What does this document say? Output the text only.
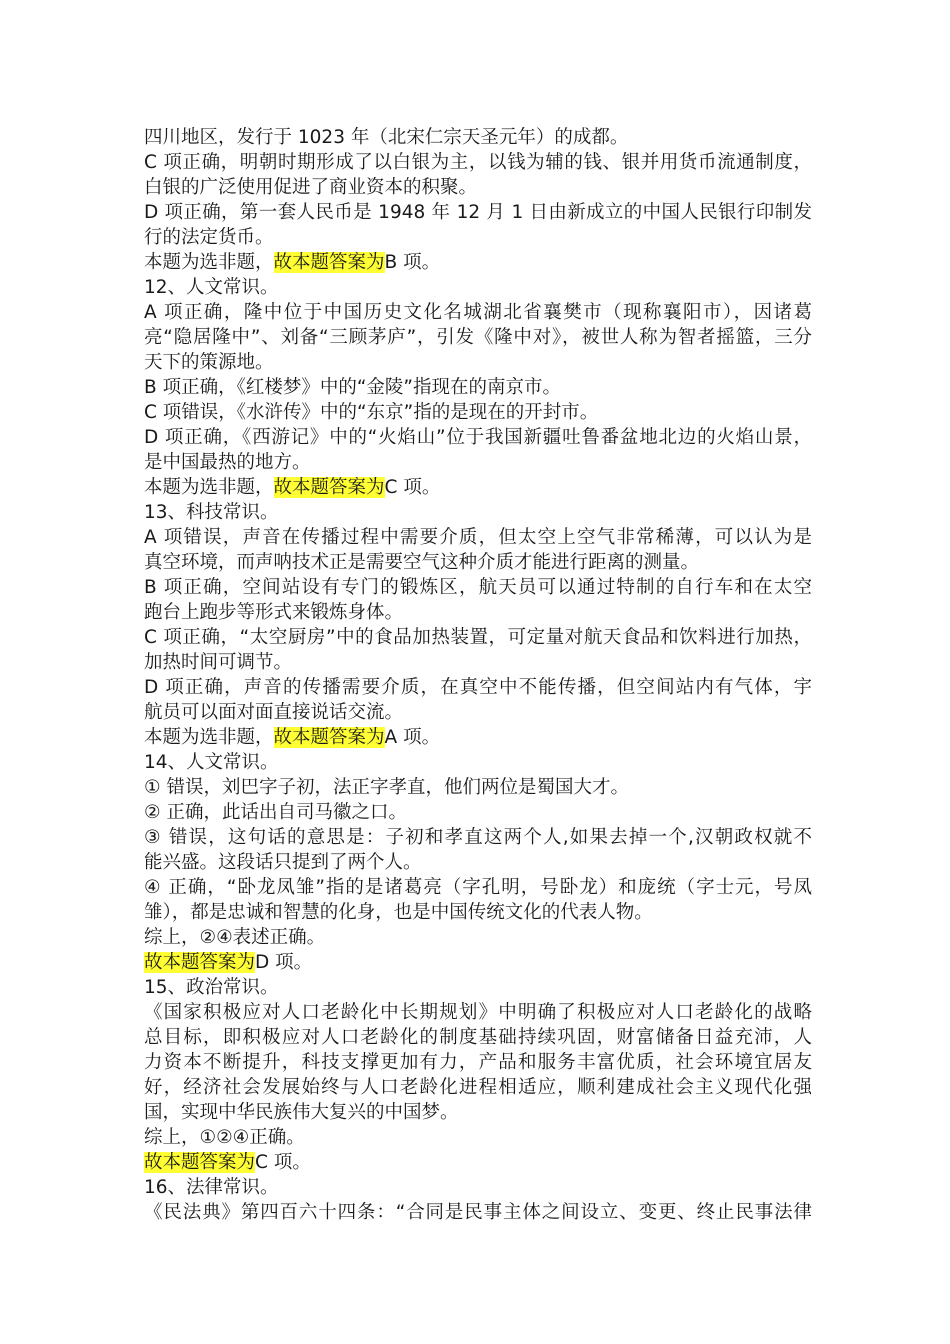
四川地区，发行于 1023 年（北宋仁宗天圣元年）的成都。
C 项正确，明朝时期形成了以白银为主，以钱为辅的钱、银并用货币流通制度，
白银的广泛使用促进了商业资本的积聚。
D 项正确，第一套人民币是 1948 年 12 月 1 日由新成立的中国人民银行印制发
行的法定货币。
本题为选非题，故本题答案为B 项。
12、人文常识。
A 项正确，隆中位于中国历史文化名城湖北省襄樊市（现称襄阳市），因诸葛
亮“隐居隆中”、刘备“三顾茅庐”，引发《隆中对》，被世人称为智者摇篮，三分
天下的策源地。
B 项正确，《红楼梦》中的“金陵”指现在的南京市。
C 项错误，《水浒传》中的“东京”指的是现在的开封市。
D 项正确，《西游记》中的“火焰山”位于我国新疆吐鲁番盆地北边的火焰山景，
是中国最热的地方。
本题为选非题，故本题答案为C 项。
13、科技常识。
A 项错误，声音在传播过程中需要介质，但太空上空气非常稀薄，可以认为是
真空环境，而声呐技术正是需要空气这种介质才能进行距离的测量。
B 项正确，空间站设有专门的锻炼区，航天员可以通过特制的自行车和在太空
跑台上跑步等形式来锻炼身体。
C 项正确，“太空厨房”中的食品加热装置，可定量对航天食品和饮料进行加热，
加热时间可调节。
D 项正确，声音的传播需要介质，在真空中不能传播，但空间站内有气体，宇
航员可以面对面直接说话交流。
本题为选非题，故本题答案为A 项。
14、人文常识。
① 错误，刘巴字子初，法正字孝直，他们两位是蜀国大才。
② 正确，此话出自司马徽之口。
③ 错误，这句话的意思是：子初和孝直这两个人,如果去掉一个,汉朝政权就不
能兴盛。这段话只提到了两个人。
④ 正确，“卧龙凤雏”指的是诸葛亮（字孔明，号卧龙）和庞统（字士元，号凤
雏），都是忠诚和智慧的化身，也是中国传统文化的代表人物。
综上，②④表述正确。
故本题答案为D 项。
15、政治常识。
《国家积极应对人口老龄化中长期规划》中明确了积极应对人口老龄化的战略
总目标，即积极应对人口老龄化的制度基础持续巩固，财富储备日益充沛，人
力资本不断提升，科技支撑更加有力，产品和服务丰富优质，社会环境宜居友
好，经济社会发展始终与人口老龄化进程相适应，顺利建成社会主义现代化强
国，实现中华民族伟大复兴的中国梦。
综上，①②④正确。
故本题答案为C 项。
16、法律常识。
《民法典》第四百六十四条：“合同是民事主体之间设立、变更、终止民事法律
